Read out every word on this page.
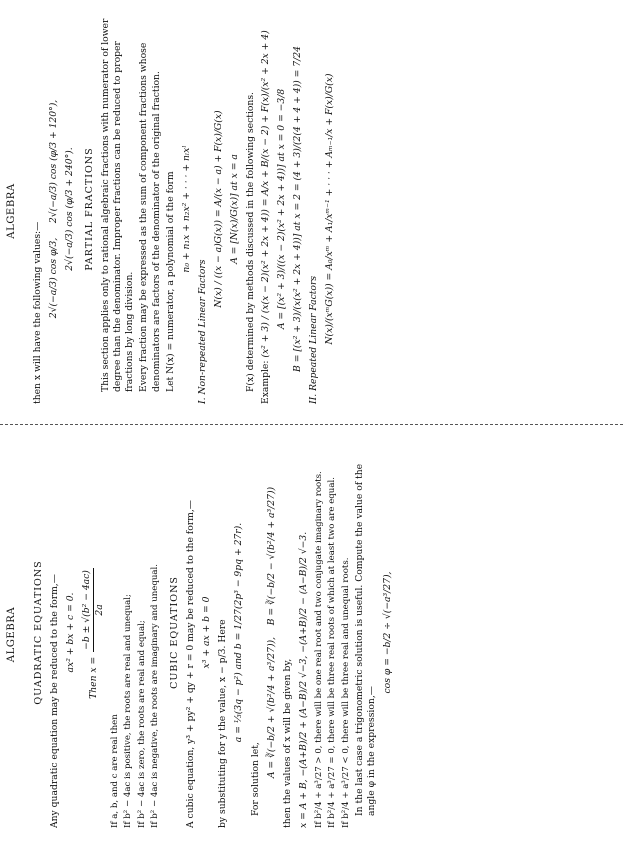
ALGEBRA QUADRATIC EQUATIONS Any quadratic equation may be reduced to the form,— ax² + bx + c = 0.
Then x =
−b ± √(b² − 4ac) 2a
If a, b, and c are real then If b² − 4ac is positive, the roots are real and unequal; If b² − 4ac is zero, the roots are real and equal; If b² − 4ac is negative, the roots are imaginary and unequal. CUBIC EQUATIONS A cubic equation, y³ + py² + qy + r = 0 may be reduced to the form,— x³ + ax + b = 0 by substituting for y the value, x − p/3. Here a = ⅓(3q − p²) and b = 1/27(2p³ − 9pq + 27r).
For solution let,
A = ∛(−b/2 + √(b²/4 + a³/27)),    B = ∛(−b/2 − √(b²/4 + a³/27))
then the values of x will be given by, x = A + B, −(A+B)/2 + (A−B)/2 √−3, −(A+B)/2 − (A−B)/2 √−3. If b²/4 + a³/27 > 0, there will be one real root and two conjugate imaginary roots. If b²/4 + a³/27 = 0, there will be three real roots of which at least two are equal. If b²/4 + a³/27 < 0, there will be three real and unequal roots. In the last case a trigonometric solution is useful. Compute the value of the angle φ in the expression,—
cos φ = −b/2 ÷ √(−a³/27),
ALGEBRA
then x will have the following values:— 2√(−a/3) cos φ/3,     2√(−a/3) cos (φ/3 + 120°), 2√(−a/3) cos (φ/3 + 240°). PARTIAL FRACTIONS This section applies only to rational algebraic fractions with numerator of lower degree than the denominator. Improper fractions can be reduced to proper fractions by long division. Every fraction may be expressed as the sum of component fractions whose denominators are factors of the denominator of the original fraction. Let N(x) = numerator, a polynomial of the form n₀ + n₁x + n₂x² + · · · + nₗxˡ
I. Non-repeated Linear Factors
N(x) / ((x − a)G(x)) = A/(x − a) + F(x)/G(x) A = [N(x)/G(x)] at x = a F(x) determined by methods discussed in the following sections. Example: (x² + 3) / (x(x − 2)(x² + 2x + 4)) = A/x + B/(x − 2) + F(x)/(x² + 2x + 4) A = [(x² + 3)/((x − 2)(x² + 2x + 4))] at x = 0 = −3/8 B = [(x² + 3)/(x(x² + 2x + 4))] at x = 2 = (4 + 3)/(2(4 + 4 + 4)) = 7/24 II. Repeated Linear Factors N(x)/(xᵐG(x)) = A₀/xᵐ + A₁/xᵐ⁻¹ + · · · + Aₘ₋₁/x + F(x)/G(x)
